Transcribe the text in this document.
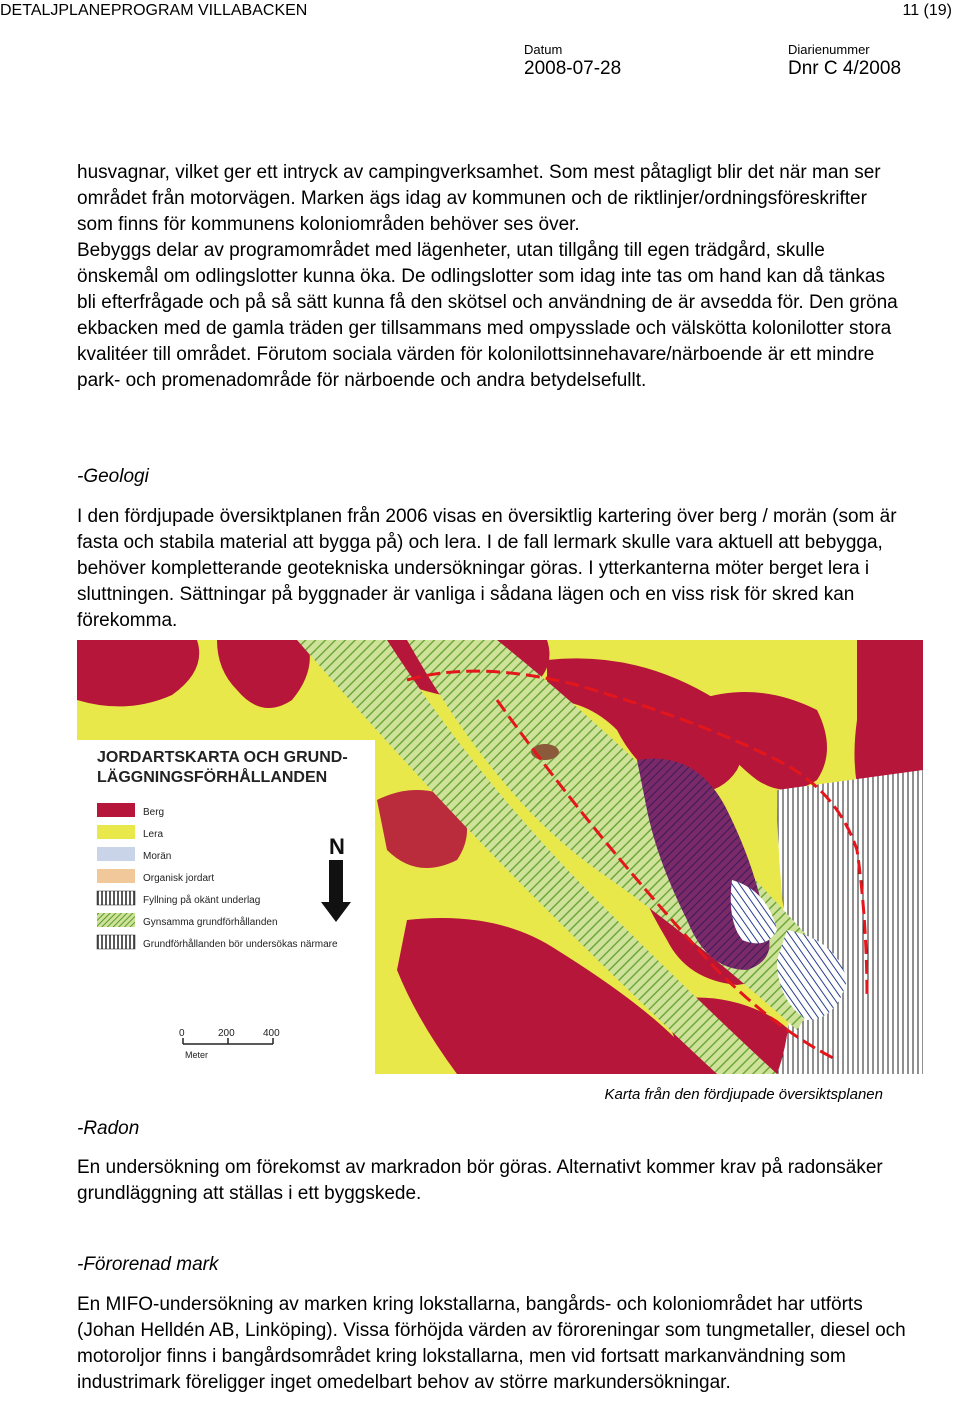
DETALJPLANEPROGRAM VILLABACKEN	11 (19)
Datum
2008-07-28
Diarienummer
Dnr C 4/2008

husvagnar, vilket ger ett intryck av campingverksamhet. Som mest påtagligt blir det när man ser området från motorvägen. Marken ägs idag av kommunen och de riktlinjer/ordningsföreskrifter som finns för kommunens koloniområden behöver ses över.

Bebyggs delar av programområdet med lägenheter, utan tillgång till egen trädgård, skulle önskemål om odlingslotter kunna öka. De odlingslotter som idag inte tas om hand kan då tänkas bli efterfrågade och på så sätt kunna få den skötsel och användning de är avsedda för. Den gröna ekbacken med de gamla träden ger tillsammans med ompysslade och välskötta kolonilotter stora kvalitéer till området. Förutom sociala värden för kolonilottsinnehavare/närboende är ett mindre park- och promenadområde för närboende och andra betydelsefullt.

-Geologi

I den fördjupade översiktplanen från 2006 visas en översiktlig kartering över berg / morän (som är fasta och stabila material att bygga på) och lera. I de fall lermark skulle vara aktuell att bebygga, behöver kompletterande geotekniska undersökningar göras. I ytterkanterna möter berget lera i sluttningen. Sättningar på byggnader är vanliga i sådana lägen och en viss risk för skred kan förekomma.

JORDARTSKARTA OCH GRUND-
LÄGGNINGSFÖRHÅLLANDEN
Berg
Lera
Morän
Organisk jordart
Fyllning på okänt underlag
Gynsamma grundförhållanden
Grundförhållanden bör undersökas närmare
N
0	200	400
Meter
Karta från den fördjupade översiktsplanen
-Radon

En undersökning om förekomst av markradon bör göras. Alternativt kommer krav på radonsäker grundläggning att ställas i ett byggskede.

-Förorenad mark

En MIFO-undersökning av marken kring lokstallarna, bangårds- och koloniområdet har utförts (Johan Helldén AB, Linköping). Vissa förhöjda värden av föroreningar som tungmetaller, diesel och motoroljor finns i bangårdsområdet kring lokstallarna, men vid fortsatt markanvändning som industrimark föreligger inget omedelbart behov av större markundersökningar.
